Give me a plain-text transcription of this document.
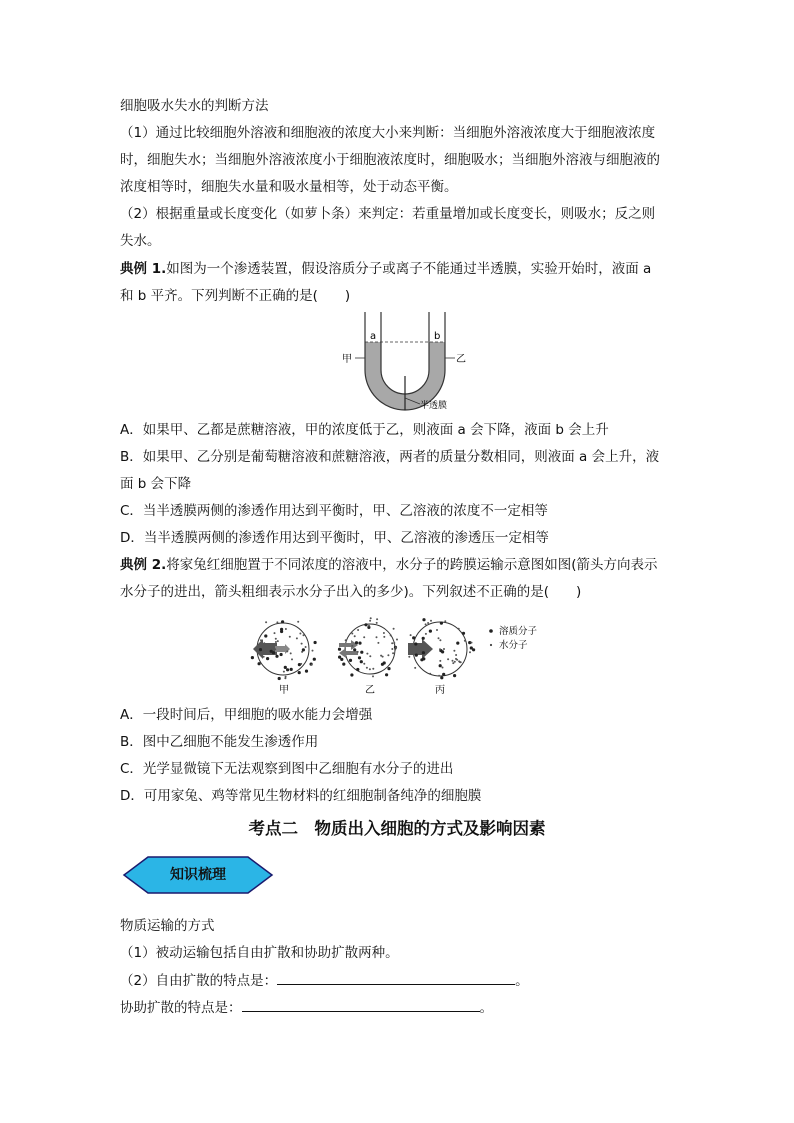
细胞吸水失水的判断方法
（1）通过比较细胞外溶液和细胞液的浓度大小来判断：当细胞外溶液浓度大于细胞液浓度
时，细胞失水；当细胞外溶液浓度小于细胞液浓度时，细胞吸水；当细胞外溶液与细胞液的
浓度相等时，细胞失水量和吸水量相等，处于动态平衡。
（2）根据重量或长度变化（如萝卜条）来判定：若重量增加或长度变长，则吸水；反之则
失水。
典例 1.如图为一个渗透装置，假设溶质分子或离子不能通过半透膜，实验开始时，液面 a
和 b 平齐。下列判断不正确的是(　　)
a	b
甲	乙
半透膜
A．如果甲、乙都是蔗糖溶液，甲的浓度低于乙，则液面 a 会下降，液面 b 会上升
B．如果甲、乙分别是葡萄糖溶液和蔗糖溶液，两者的质量分数相同，则液面 a 会上升，液
面 b 会下降
C．当半透膜两侧的渗透作用达到平衡时，甲、乙溶液的浓度不一定相等
D．当半透膜两侧的渗透作用达到平衡时，甲、乙溶液的渗透压一定相等
典例 2.将家兔红细胞置于不同浓度的溶液中，水分子的跨膜运输示意图如图(箭头方向表示
水分子的进出，箭头粗细表示水分子出入的多少)。下列叙述不正确的是(　　)
溶质分子
水分子
甲	乙	丙
A．一段时间后，甲细胞的吸水能力会增强
B．图中乙细胞不能发生渗透作用
C．光学显微镜下无法观察到图中乙细胞有水分子的进出
D．可用家兔、鸡等常见生物材料的红细胞制备纯净的细胞膜
考点二　物质出入细胞的方式及影响因素
知识梳理
物质运输的方式
（1）被动运输包括自由扩散和协助扩散两种。
（2）自由扩散的特点是：	。
协助扩散的特点是：	。
